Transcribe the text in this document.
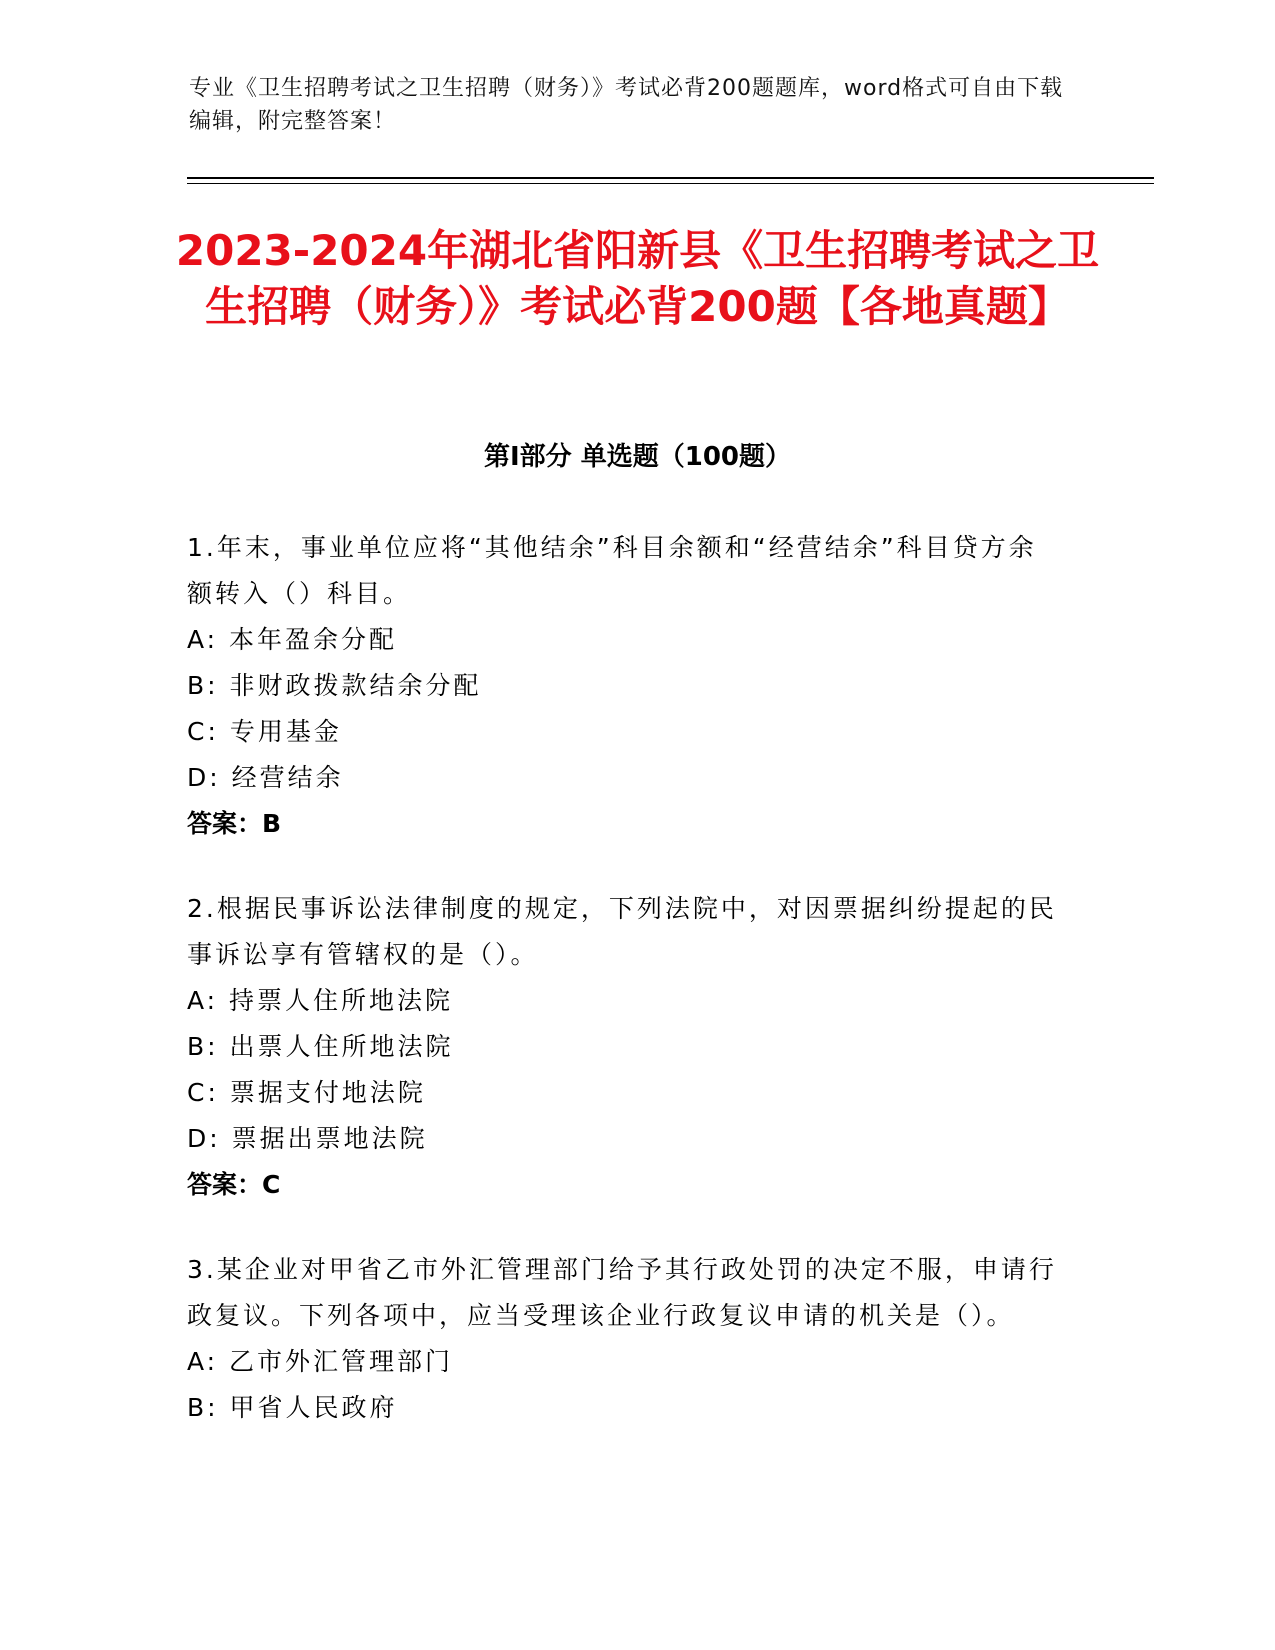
专业《卫生招聘考试之卫生招聘（财务）》考试必背200题题库，word格式可自由下载编辑，附完整答案！
2023-2024年湖北省阳新县《卫生招聘考试之卫生招聘（财务）》考试必背200题【各地真题】
第Ⅰ部分 单选题（100题）

1.年末，事业单位应将“其他结余”科目余额和“经营结余”科目贷方余额转入（）科目。

A: 本年盈余分配

B: 非财政拨款结余分配

C: 专用基金

D: 经营结余

答案：B

2.根据民事诉讼法律制度的规定，下列法院中，对因票据纠纷提起的民事诉讼享有管辖权的是（）。

A: 持票人住所地法院

B: 出票人住所地法院

C: 票据支付地法院

D: 票据出票地法院

答案：C

3.某企业对甲省乙市外汇管理部门给予其行政处罚的决定不服，申请行政复议。下列各项中，应当受理该企业行政复议申请的机关是（）。

A: 乙市外汇管理部门

B: 甲省人民政府
